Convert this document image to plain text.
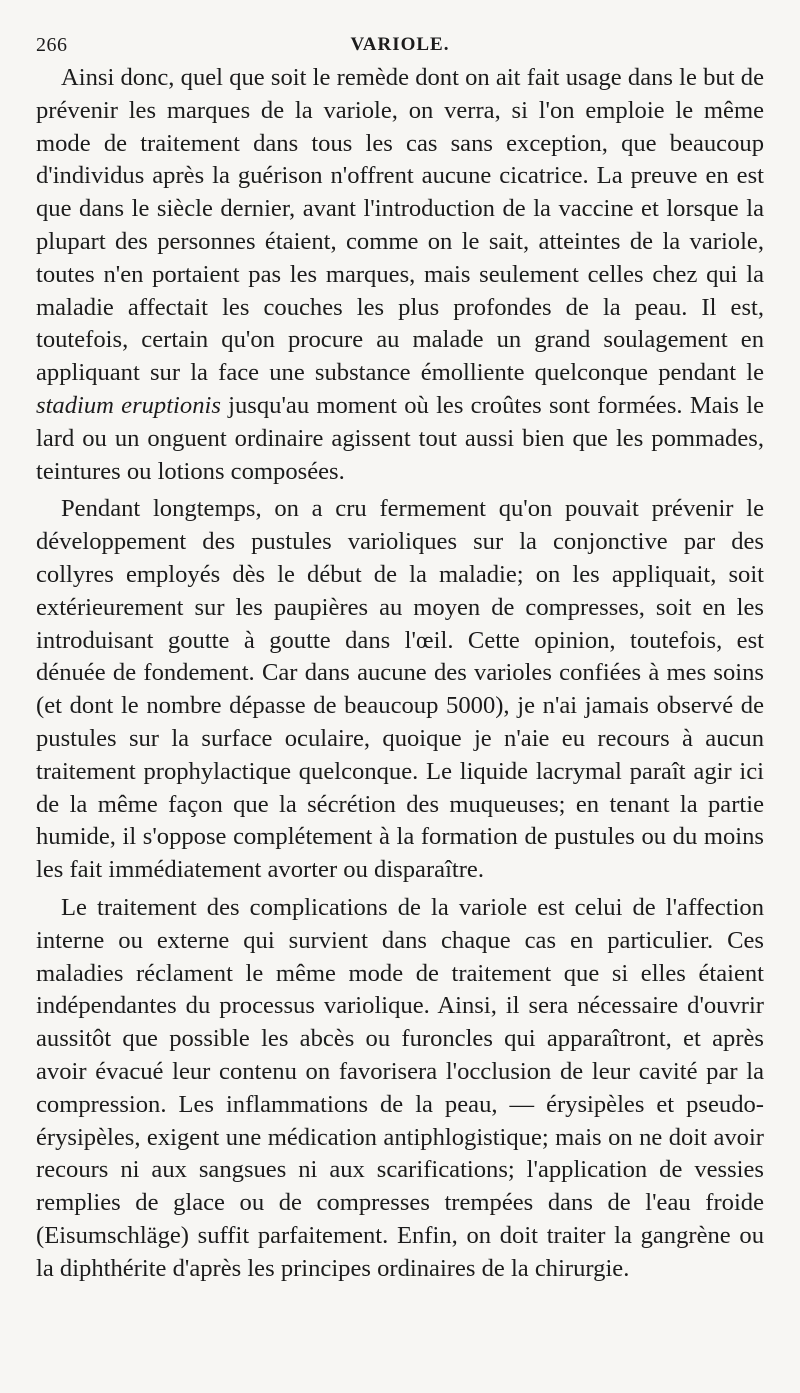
266	VARIOLE.

Ainsi donc, quel que soit le remède dont on ait fait usage dans le but de prévenir les marques de la variole, on verra, si l'on emploie le même mode de traitement dans tous les cas sans exception, que beaucoup d'individus après la guérison n'offrent aucune cicatrice. La preuve en est que dans le siècle dernier, avant l'introduction de la vaccine et lorsque la plupart des personnes étaient, comme on le sait, atteintes de la variole, toutes n'en portaient pas les marques, mais seulement celles chez qui la maladie affectait les couches les plus profondes de la peau. Il est, toutefois, certain qu'on procure au malade un grand soulagement en appliquant sur la face une substance émolliente quelconque pendant le stadium eruptionis jusqu'au moment où les croûtes sont formées. Mais le lard ou un onguent ordinaire agissent tout aussi bien que les pommades, teintures ou lotions composées.

Pendant longtemps, on a cru fermement qu'on pouvait prévenir le développement des pustules varioliques sur la conjonctive par des collyres employés dès le début de la maladie; on les appliquait, soit extérieurement sur les paupières au moyen de compresses, soit en les introduisant goutte à goutte dans l'œil. Cette opinion, toutefois, est dénuée de fondement. Car dans aucune des varioles confiées à mes soins (et dont le nombre dépasse de beaucoup 5000), je n'ai jamais observé de pustules sur la surface oculaire, quoique je n'aie eu recours à aucun traitement prophylactique quelconque. Le liquide lacrymal paraît agir ici de la même façon que la sécrétion des muqueuses; en tenant la partie humide, il s'oppose complétement à la formation de pustules ou du moins les fait immédiatement avorter ou disparaître.

Le traitement des complications de la variole est celui de l'affection interne ou externe qui survient dans chaque cas en particulier. Ces maladies réclament le même mode de traitement que si elles étaient indépendantes du processus variolique. Ainsi, il sera nécessaire d'ouvrir aussitôt que possible les abcès ou furoncles qui apparaîtront, et après avoir évacué leur contenu on favorisera l'occlusion de leur cavité par la compression. Les inflammations de la peau, — érysipèles et pseudo-érysipèles, exigent une médication antiphlogistique; mais on ne doit avoir recours ni aux sangsues ni aux scarifications; l'application de vessies remplies de glace ou de compresses trempées dans de l'eau froide (Eisumschläge) suffit parfaitement. Enfin, on doit traiter la gangrène ou la diphthérite d'après les principes ordinaires de la chirurgie.
